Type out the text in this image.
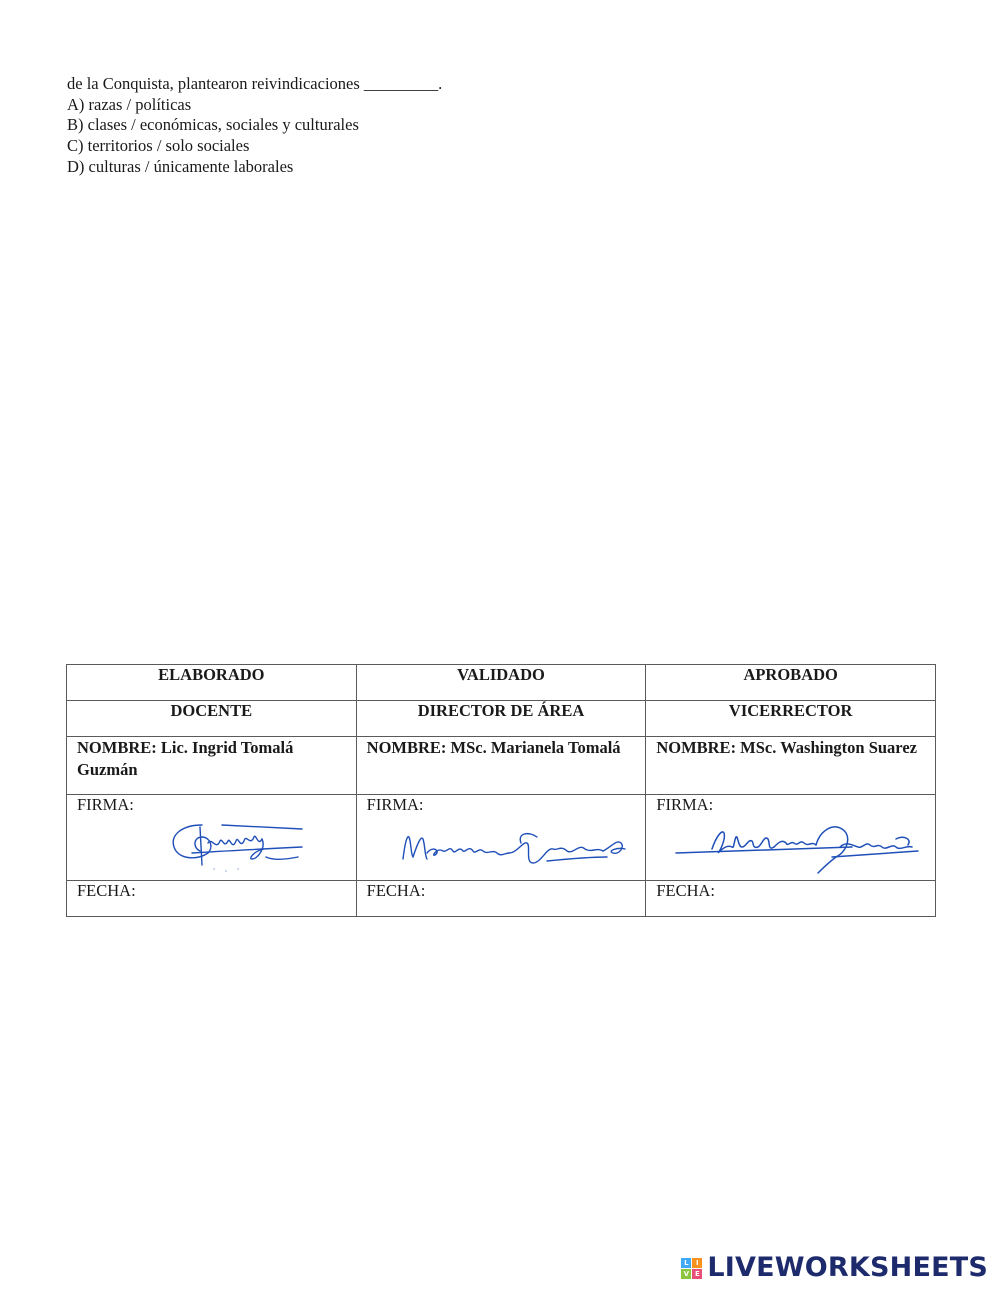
de la Conquista, plantearon reivindicaciones _________.
A) razas / políticas
B) clases / económicas, sociales y culturales
C) territorios / solo sociales
D) culturas / únicamente laborales
ELABORADO	VALIDADO	APROBADO
DOCENTE	DIRECTOR DE ÁREA	VICERRECTOR
NOMBRE: Lic. Ingrid Tomalá Guzmán	NOMBRE: MSc. Marianela Tomalá	NOMBRE: MSc. Washington Suarez
FIRMA:	FIRMA:	FIRMA:

FECHA:	FECHA:	FECHA:
L	I
V E LIVEWORKSHEETS
